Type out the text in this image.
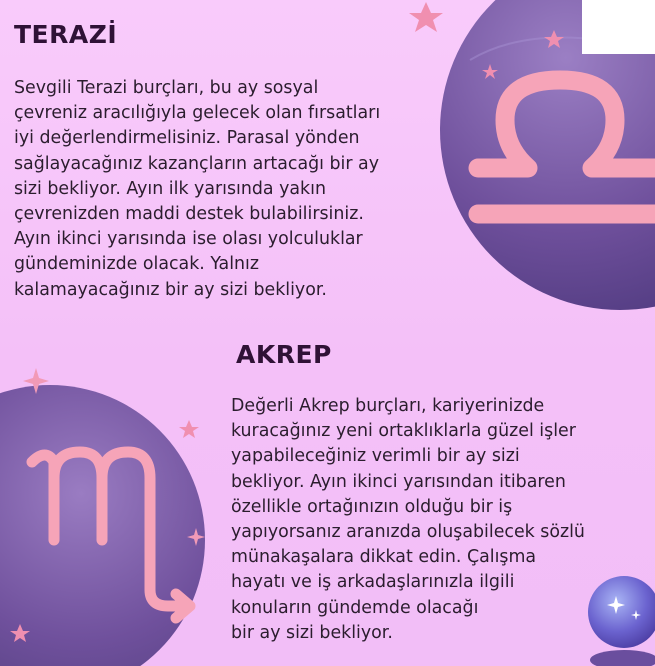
TERAZİ
Sevgili Terazi burçları, bu ay sosyal
çevreniz aracılığıyla gelecek olan fırsatları
iyi değerlendirmelisiniz. Parasal yönden
sağlayacağınız kazançların artacağı bir ay
sizi bekliyor. Ayın ilk yarısında yakın
çevrenizden maddi destek bulabilirsiniz.
Ayın ikinci yarısında ise olası yolculuklar
gündeminizde olacak. Yalnız
kalamayacağınız bir ay sizi bekliyor.
AKREP
Değerli Akrep burçları, kariyerinizde
kuracağınız yeni ortaklıklarla güzel işler
yapabileceğiniz verimli bir ay sizi
bekliyor. Ayın ikinci yarısından itibaren
özellikle ortağınızın olduğu bir iş
yapıyorsanız aranızda oluşabilecek sözlü
münakaşalara dikkat edin. Çalışma
hayatı ve iş arkadaşlarınızla ilgili
konuların gündemde olacağı
bir ay sizi bekliyor.
